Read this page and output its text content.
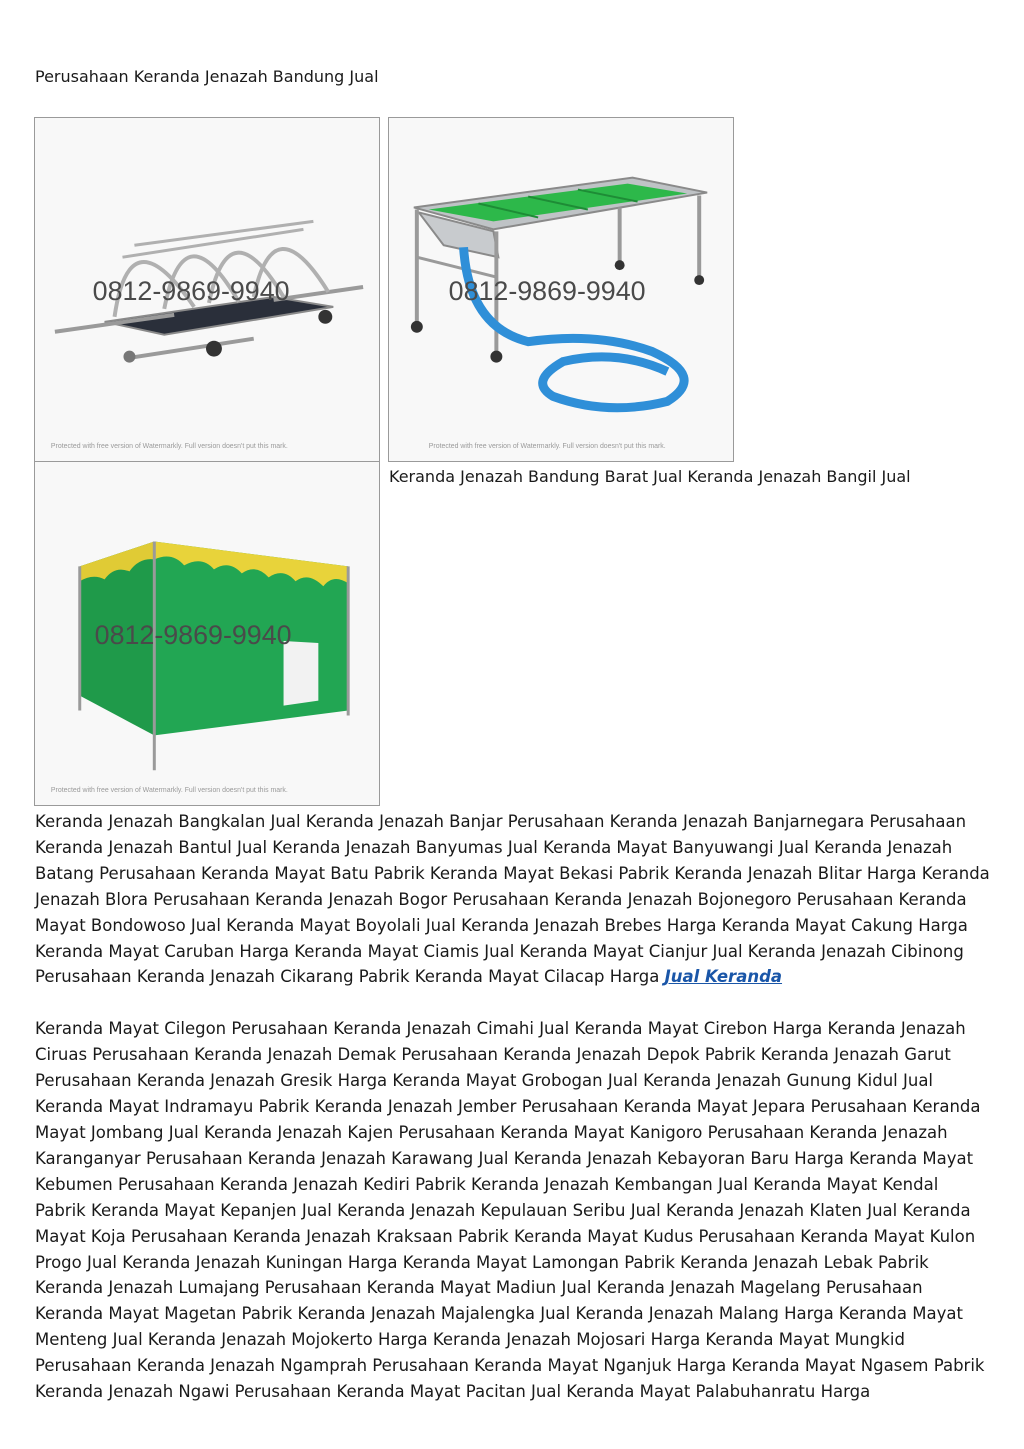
Perusahaan Keranda Jenazah Bandung Jual
0812-9869-9940
Protected with free version of Watermarkly. Full version doesn't put this mark.
0812-9869-9940
Protected with free version of Watermarkly. Full version doesn't put this mark.
0812-9869-9940
Protected with free version of Watermarkly. Full version doesn't put this mark.
Keranda Jenazah Bandung Barat Jual Keranda Jenazah Bangil Jual

Keranda Jenazah Bangkalan Jual Keranda Jenazah Banjar Perusahaan Keranda Jenazah Banjarnegara Perusahaan Keranda Jenazah Bantul Jual Keranda Jenazah Banyumas Jual Keranda Mayat Banyuwangi Jual Keranda Jenazah Batang Perusahaan Keranda Mayat Batu Pabrik Keranda Mayat Bekasi Pabrik Keranda Jenazah Blitar Harga Keranda Jenazah Blora Perusahaan Keranda Jenazah Bogor Perusahaan Keranda Jenazah Bojonegoro Perusahaan Keranda Mayat Bondowoso Jual Keranda Mayat Boyolali Jual Keranda Jenazah Brebes Harga Keranda Mayat Cakung Harga Keranda Mayat Caruban Harga Keranda Mayat Ciamis Jual Keranda Mayat Cianjur Jual Keranda Jenazah Cibinong Perusahaan Keranda Jenazah Cikarang Pabrik Keranda Mayat Cilacap Harga Jual Keranda

Keranda Mayat Cilegon Perusahaan Keranda Jenazah Cimahi Jual Keranda Mayat Cirebon Harga Keranda Jenazah Ciruas Perusahaan Keranda Jenazah Demak Perusahaan Keranda Jenazah Depok Pabrik Keranda Jenazah Garut Perusahaan Keranda Jenazah Gresik Harga Keranda Mayat Grobogan Jual Keranda Jenazah Gunung Kidul Jual Keranda Mayat Indramayu Pabrik Keranda Jenazah Jember Perusahaan Keranda Mayat Jepara Perusahaan Keranda Mayat Jombang Jual Keranda Jenazah Kajen Perusahaan Keranda Mayat Kanigoro Perusahaan Keranda Jenazah Karanganyar Perusahaan Keranda Jenazah Karawang Jual Keranda Jenazah Kebayoran Baru Harga Keranda Mayat Kebumen Perusahaan Keranda Jenazah Kediri Pabrik Keranda Jenazah Kembangan Jual Keranda Mayat Kendal Pabrik Keranda Mayat Kepanjen Jual Keranda Jenazah Kepulauan Seribu Jual Keranda Jenazah Klaten Jual Keranda Mayat Koja Perusahaan Keranda Jenazah Kraksaan Pabrik Keranda Mayat Kudus Perusahaan Keranda Mayat Kulon Progo Jual Keranda Jenazah Kuningan Harga Keranda Mayat Lamongan Pabrik Keranda Jenazah Lebak Pabrik Keranda Jenazah Lumajang Perusahaan Keranda Mayat Madiun Jual Keranda Jenazah Magelang Perusahaan Keranda Mayat Magetan Pabrik Keranda Jenazah Majalengka Jual Keranda Jenazah Malang Harga Keranda Mayat Menteng Jual Keranda Jenazah Mojokerto Harga Keranda Jenazah Mojosari Harga Keranda Mayat Mungkid Perusahaan Keranda Jenazah Ngamprah Perusahaan Keranda Mayat Nganjuk Harga Keranda Mayat Ngasem Pabrik Keranda Jenazah Ngawi Perusahaan Keranda Mayat Pacitan Jual Keranda Mayat Palabuhanratu Harga
